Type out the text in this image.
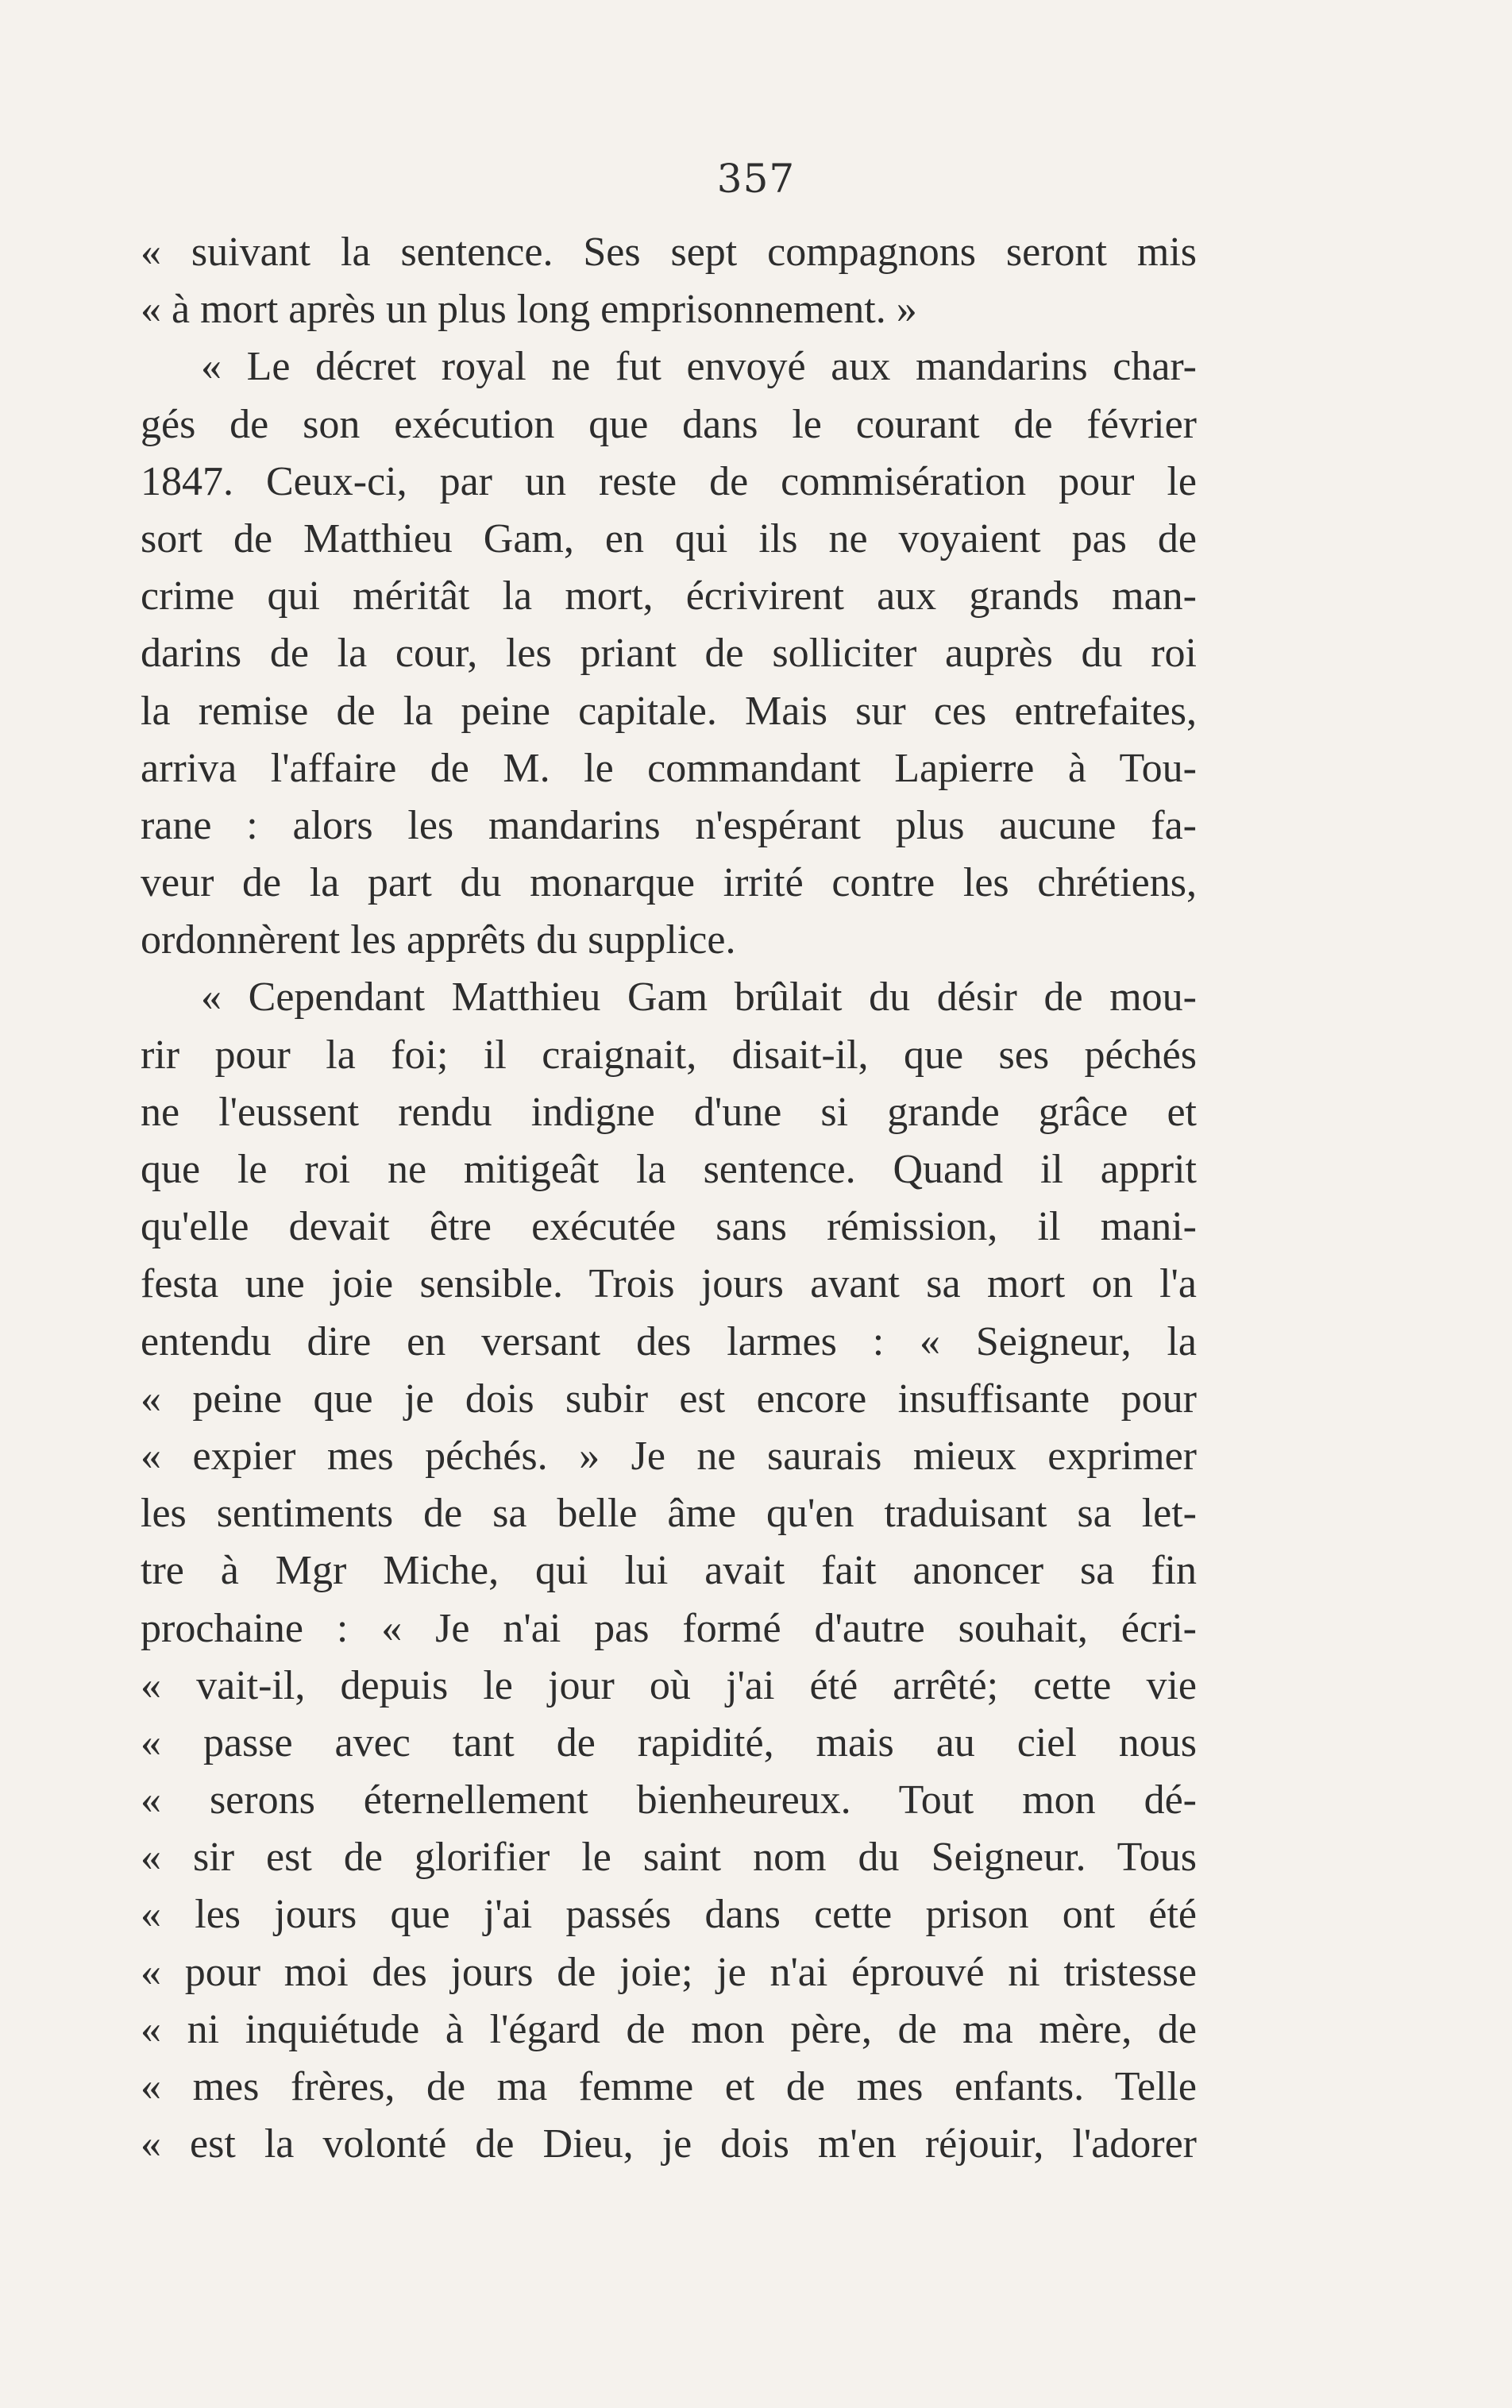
357
« suivant la sentence. Ses sept compagnons seront mis
« à mort après un plus long emprisonnement. »
« Le décret royal ne fut envoyé aux mandarins char-
gés de son exécution que dans le courant de février
1847. Ceux-ci, par un reste de commisération pour le
sort de Matthieu Gam, en qui ils ne voyaient pas de
crime qui méritât la mort, écrivirent aux grands man-
darins de la cour, les priant de solliciter auprès du roi
la remise de la peine capitale. Mais sur ces entrefaites,
arriva l'affaire de M. le commandant Lapierre à Tou-
rane : alors les mandarins n'espérant plus aucune fa-
veur de la part du monarque irrité contre les chrétiens,
ordonnèrent les apprêts du supplice.
« Cependant Matthieu Gam brûlait du désir de mou-
rir pour la foi; il craignait, disait-il, que ses péchés
ne l'eussent rendu indigne d'une si grande grâce et
que le roi ne mitigeât la sentence. Quand il apprit
qu'elle devait être exécutée sans rémission, il mani-
festa une joie sensible. Trois jours avant sa mort on l'a
entendu dire en versant des larmes : « Seigneur, la
« peine que je dois subir est encore insuffisante pour
« expier mes péchés. » Je ne saurais mieux exprimer
les sentiments de sa belle âme qu'en traduisant sa let-
tre à Mgr Miche, qui lui avait fait anoncer sa fin
prochaine : « Je n'ai pas formé d'autre souhait, écri-
« vait-il, depuis le jour où j'ai été arrêté; cette vie
« passe avec tant de rapidité, mais au ciel nous
« serons éternellement bienheureux. Tout mon dé-
« sir est de glorifier le saint nom du Seigneur. Tous
« les jours que j'ai passés dans cette prison ont été
« pour moi des jours de joie; je n'ai éprouvé ni tristesse
« ni inquiétude à l'égard de mon père, de ma mère, de
« mes frères, de ma femme et de mes enfants. Telle
« est la volonté de Dieu, je dois m'en réjouir, l'adorer
